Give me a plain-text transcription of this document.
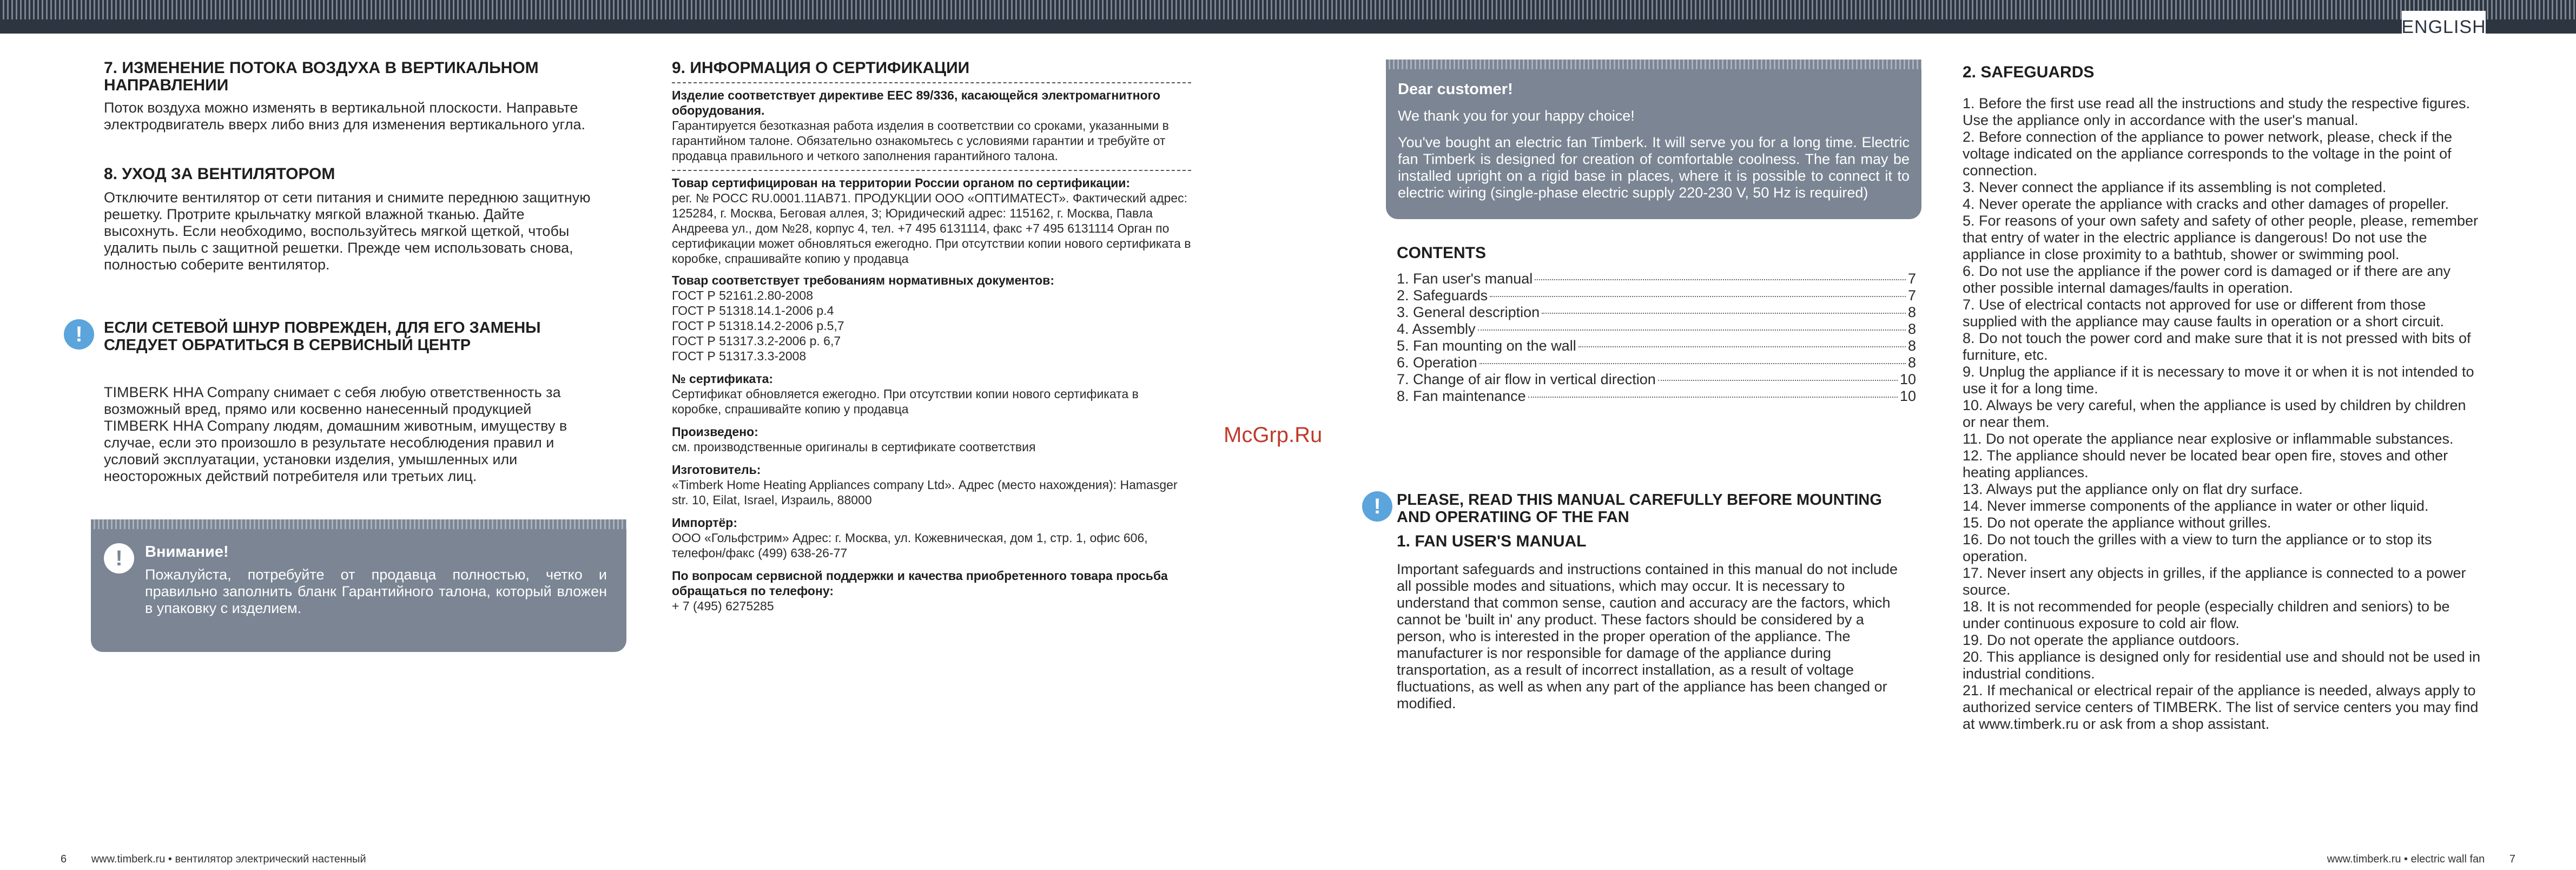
ENGLISH
7. ИЗМЕНЕНИЕ ПОТОКА ВОЗДУХА В ВЕРТИКАЛЬНОМ НАПРАВЛЕНИИ

Поток воздуха можно изменять в вертикальной плоскости. Направьте электродвигатель вверх либо вниз для изменения вертикального угла.

8. УХОД ЗА ВЕНТИЛЯТОРОМ

Отключите вентилятор от сети питания и снимите переднюю защитную решетку. Протрите крыльчатку мягкой влажной тканью. Дайте высохнуть. Если необходимо, воспользуйтесь мягкой щеткой, чтобы удалить пыль с защитной решетки. Прежде чем использовать снова, полностью соберите вентилятор.

!	ЕСЛИ СЕТЕВОЙ ШНУР ПОВРЕЖДЕН, ДЛЯ ЕГО ЗАМЕНЫ СЛЕДУЕТ ОБРАТИТЬСЯ В СЕРВИСНЫЙ ЦЕНТР

TIMBERK HHA Company снимает с себя любую ответственность за возможный вред, прямо или косвенно нанесенный продукцией TIMBERK HHA Company людям, домашним животным, имуществу в случае, если это произошло в результате несоблюдения правил и условий эксплуатации, установки изделия, умышленных или неосторожных действий потребителя или третьих лиц.

!	Внимание!
Пожалуйста, потребуйте от продавца полностью, четко и правильно заполнить бланк Гарантийного талона, который вложен в упаковку с изделием.
9. ИНФОРМАЦИЯ О СЕРТИФИКАЦИИ
Изделие соответствует директиве ЕЕС 89/336, касающейся электромагнитного оборудования.

Гарантируется безотказная работа изделия в соответствии со сроками, указанными в гарантийном талоне. Обязательно ознакомьтесь с условиями гарантии и требуйте от продавца правильного и четкого заполнения гарантийного талона.

Товар сертифицирован на территории России органом по сертификации:

рег. № РОСС RU.0001.11АВ71. ПРОДУКЦИИ ООО «ОПТИМАТЕСТ». Фактический адрес: 125284, г. Москва, Беговая аллея, 3; Юридический адрес: 115162, г. Москва, Павла Андреева ул., дом №28, корпус 4, тел. +7 495 6131114, факс +7 495 6131114 Орган по сертификации может обновляться ежегодно. При отсутствии копии нового сертификата в коробке, спрашивайте копию у продавца

Товар соответствует требованиям нормативных документов:
ГОСТ Р 52161.2.80-2008
ГОСТ Р 51318.14.1-2006 p.4
ГОСТ Р 51318.14.2-2006 p.5,7
ГОСТ Р 51317.3.2-2006 p. 6,7
ГОСТ Р 51317.3.3-2008
№ сертификата:

Сертификат обновляется ежегодно. При отсутствии копии нового сертификата в коробке, спрашивайте копию у продавца

Произведено:

см. производственные оригиналы в сертификате соответствия

Изготовитель:

«Timberk Home Heating Appliances company Ltd». Адрес (место нахождения): Hamasger str. 10, Eilat, Israel, Израиль, 88000

Импортёр:

ООО «Гольфстрим» Адрес: г. Москва, ул. Кожевническая, дом 1, стр. 1, офис 606, телефон/факс (499) 638-26-77

По вопросам сервисной поддержки и качества приобретенного товара просьба обращаться по телефону:

+ 7 (495) 6275285

McGrp.Ru
Dear customer!
We thank you for your happy choice!
You've bought an electric fan Timberk. It will serve you for a long time. Electric fan Timberk is designed for creation of comfortable coolness. The fan may be installed upright on a rigid base in places, where it is possible to connect it to electric wiring (single-phase electric supply 220-230 V, 50 Hz is required)
CONTENTS
1. Fan user's manual	7
2. Safeguards	7
3. General description	8
4. Assembly	8
5. Fan mounting on the wall	8
6. Operation	8
7. Change of air flow in vertical direction	10
8. Fan maintenance	10
!	PLEASE, READ THIS MANUAL CAREFULLY BEFORE MOUNTING AND OPERATIING OF THE FAN
1. FAN USER'S MANUAL

Important safeguards and instructions contained in this manual do not include all possible modes and situations, which may occur. It is necessary to understand that common sense, caution and accuracy are the factors, which cannot be 'built in' any product. These factors should be considered by a person, who is interested in the proper operation of the appliance. The manufacturer is nor responsible for damage of the appliance during transportation, as a result of incorrect installation, as a result of voltage fluctuations, as well as when any part of the appliance has been changed or modified.

2. SAFEGUARDS

1. Before the first use read all the instructions and study the respective figures. Use the appliance only in accordance with the user's manual.

2. Before connection of the appliance to power network, please, check if the voltage indicated on the appliance corresponds to the voltage in the point of connection.

3. Never connect the appliance if its assembling is not completed.

4. Never operate the appliance with cracks and other damages of propeller.

5. For reasons of your own safety and safety of other people, please, remember that entry of water in the electric appliance is dangerous! Do not use the appliance in close proximity to a bathtub, shower or swimming pool.

6. Do not use the appliance if the power cord is damaged or if there are any other possible internal damages/faults in operation.

7. Use of electrical contacts not approved for use or different from those supplied with the appliance may cause faults in operation or a short circuit.

8. Do not touch the power cord and make sure that it is not pressed with bits of furniture, etc.

9. Unplug the appliance if it is necessary to move it or when it is not intended to use it for a long time.

10. Always be very careful, when the appliance is used by children by children or near them.

11. Do not operate the appliance near explosive or inflammable substances.

12. The appliance should never be located bear open fire, stoves and other heating appliances.

13. Always put the appliance only on flat dry surface.

14. Never immerse components of the appliance in water or other liquid.

15. Do not operate the appliance without grilles.

16. Do not touch the grilles with a view to turn the appliance or to stop its operation.

17. Never insert any objects in grilles, if the appliance is connected to a power source.

18. It is not recommended for people (especially children and seniors) to be under continuous exposure to cold air flow.

19. Do not operate the appliance outdoors.

20. This appliance is designed only for residential use and should not be used in industrial conditions.

21. If mechanical or electrical repair of the appliance is needed, always apply to authorized service centers of TIMBERK. The list of service centers you may find at www.timberk.ru or ask from a shop assistant.

6 www.timberk.ru • вентилятор электрический настенный	www.timberk.ru • electric wall fan 7
